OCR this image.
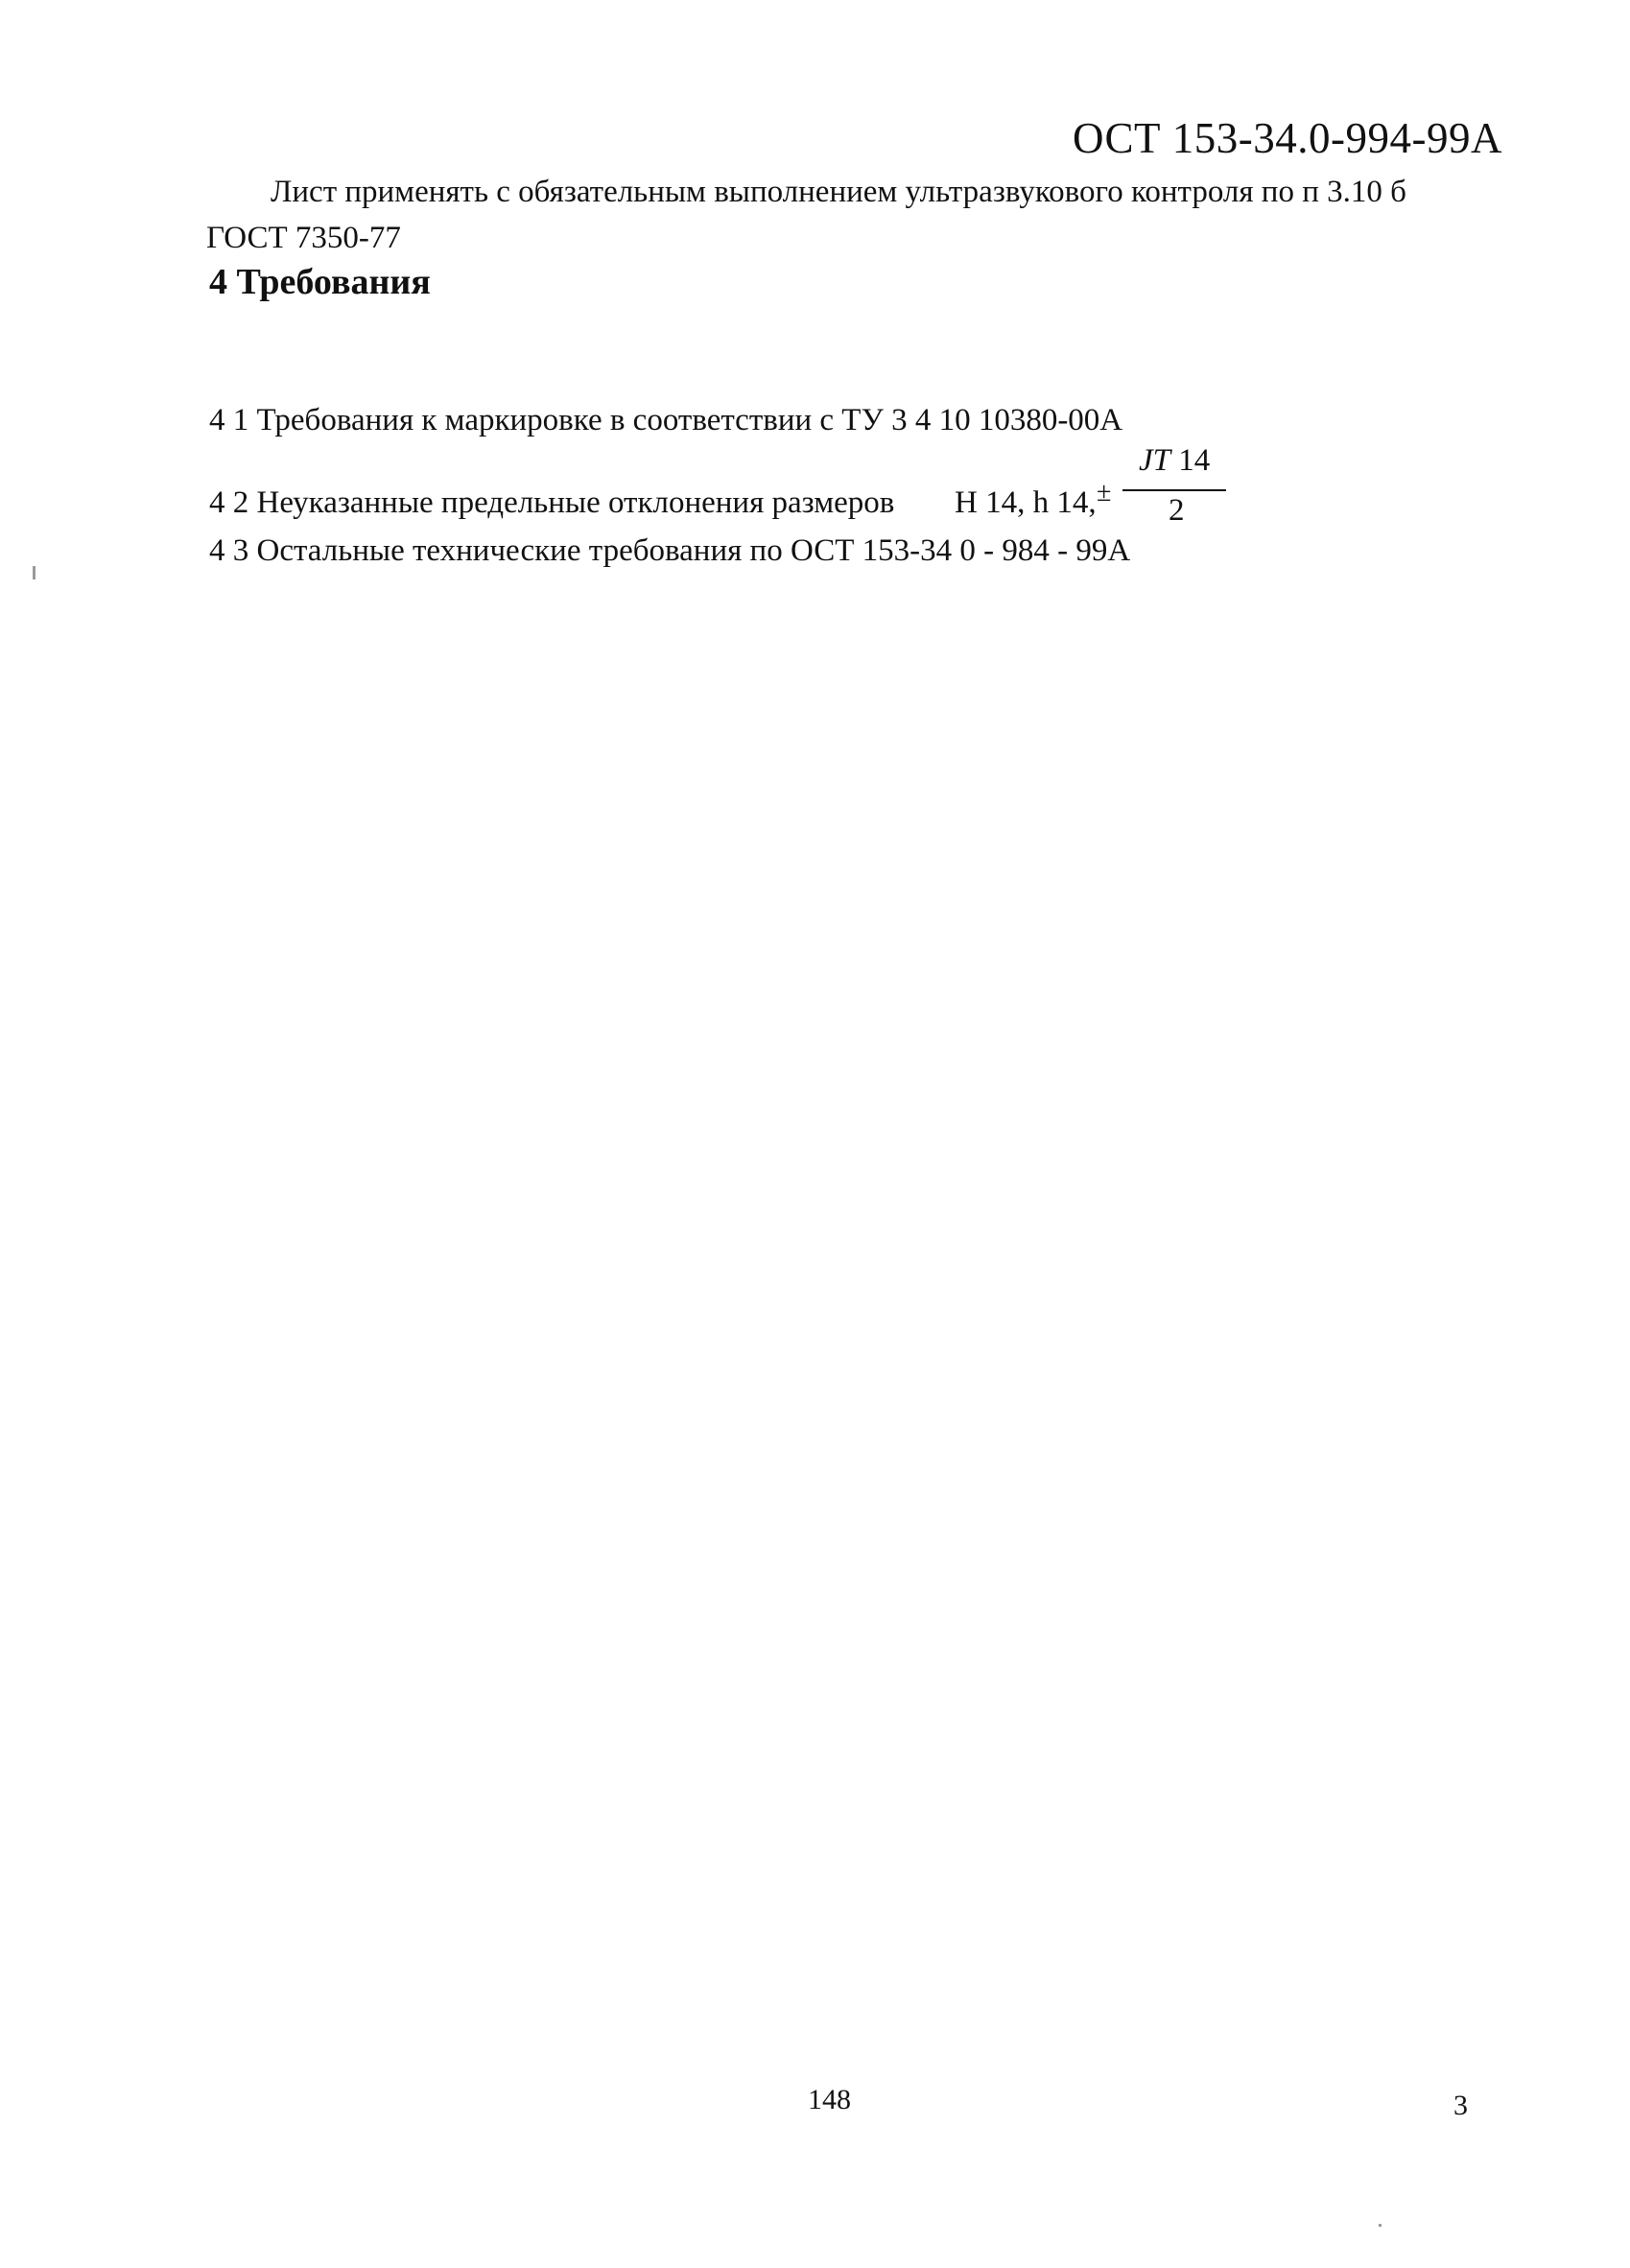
ОСТ 153-34.0-994-99А
Лист применять с обязательным выполнением ультразвукового контроля по п 3.10 б
ГОСТ 7350-77
4 Требования
4 1 Требования к маркировке в соответствии с ТУ 3 4 10 10380-00А
4 2 Неуказанные предельные отклонения размеров H 14, h 14, ±
JT 14
2
4 3 Остальные технические требования по ОСТ 153-34 0 - 984 - 99А
148	3
